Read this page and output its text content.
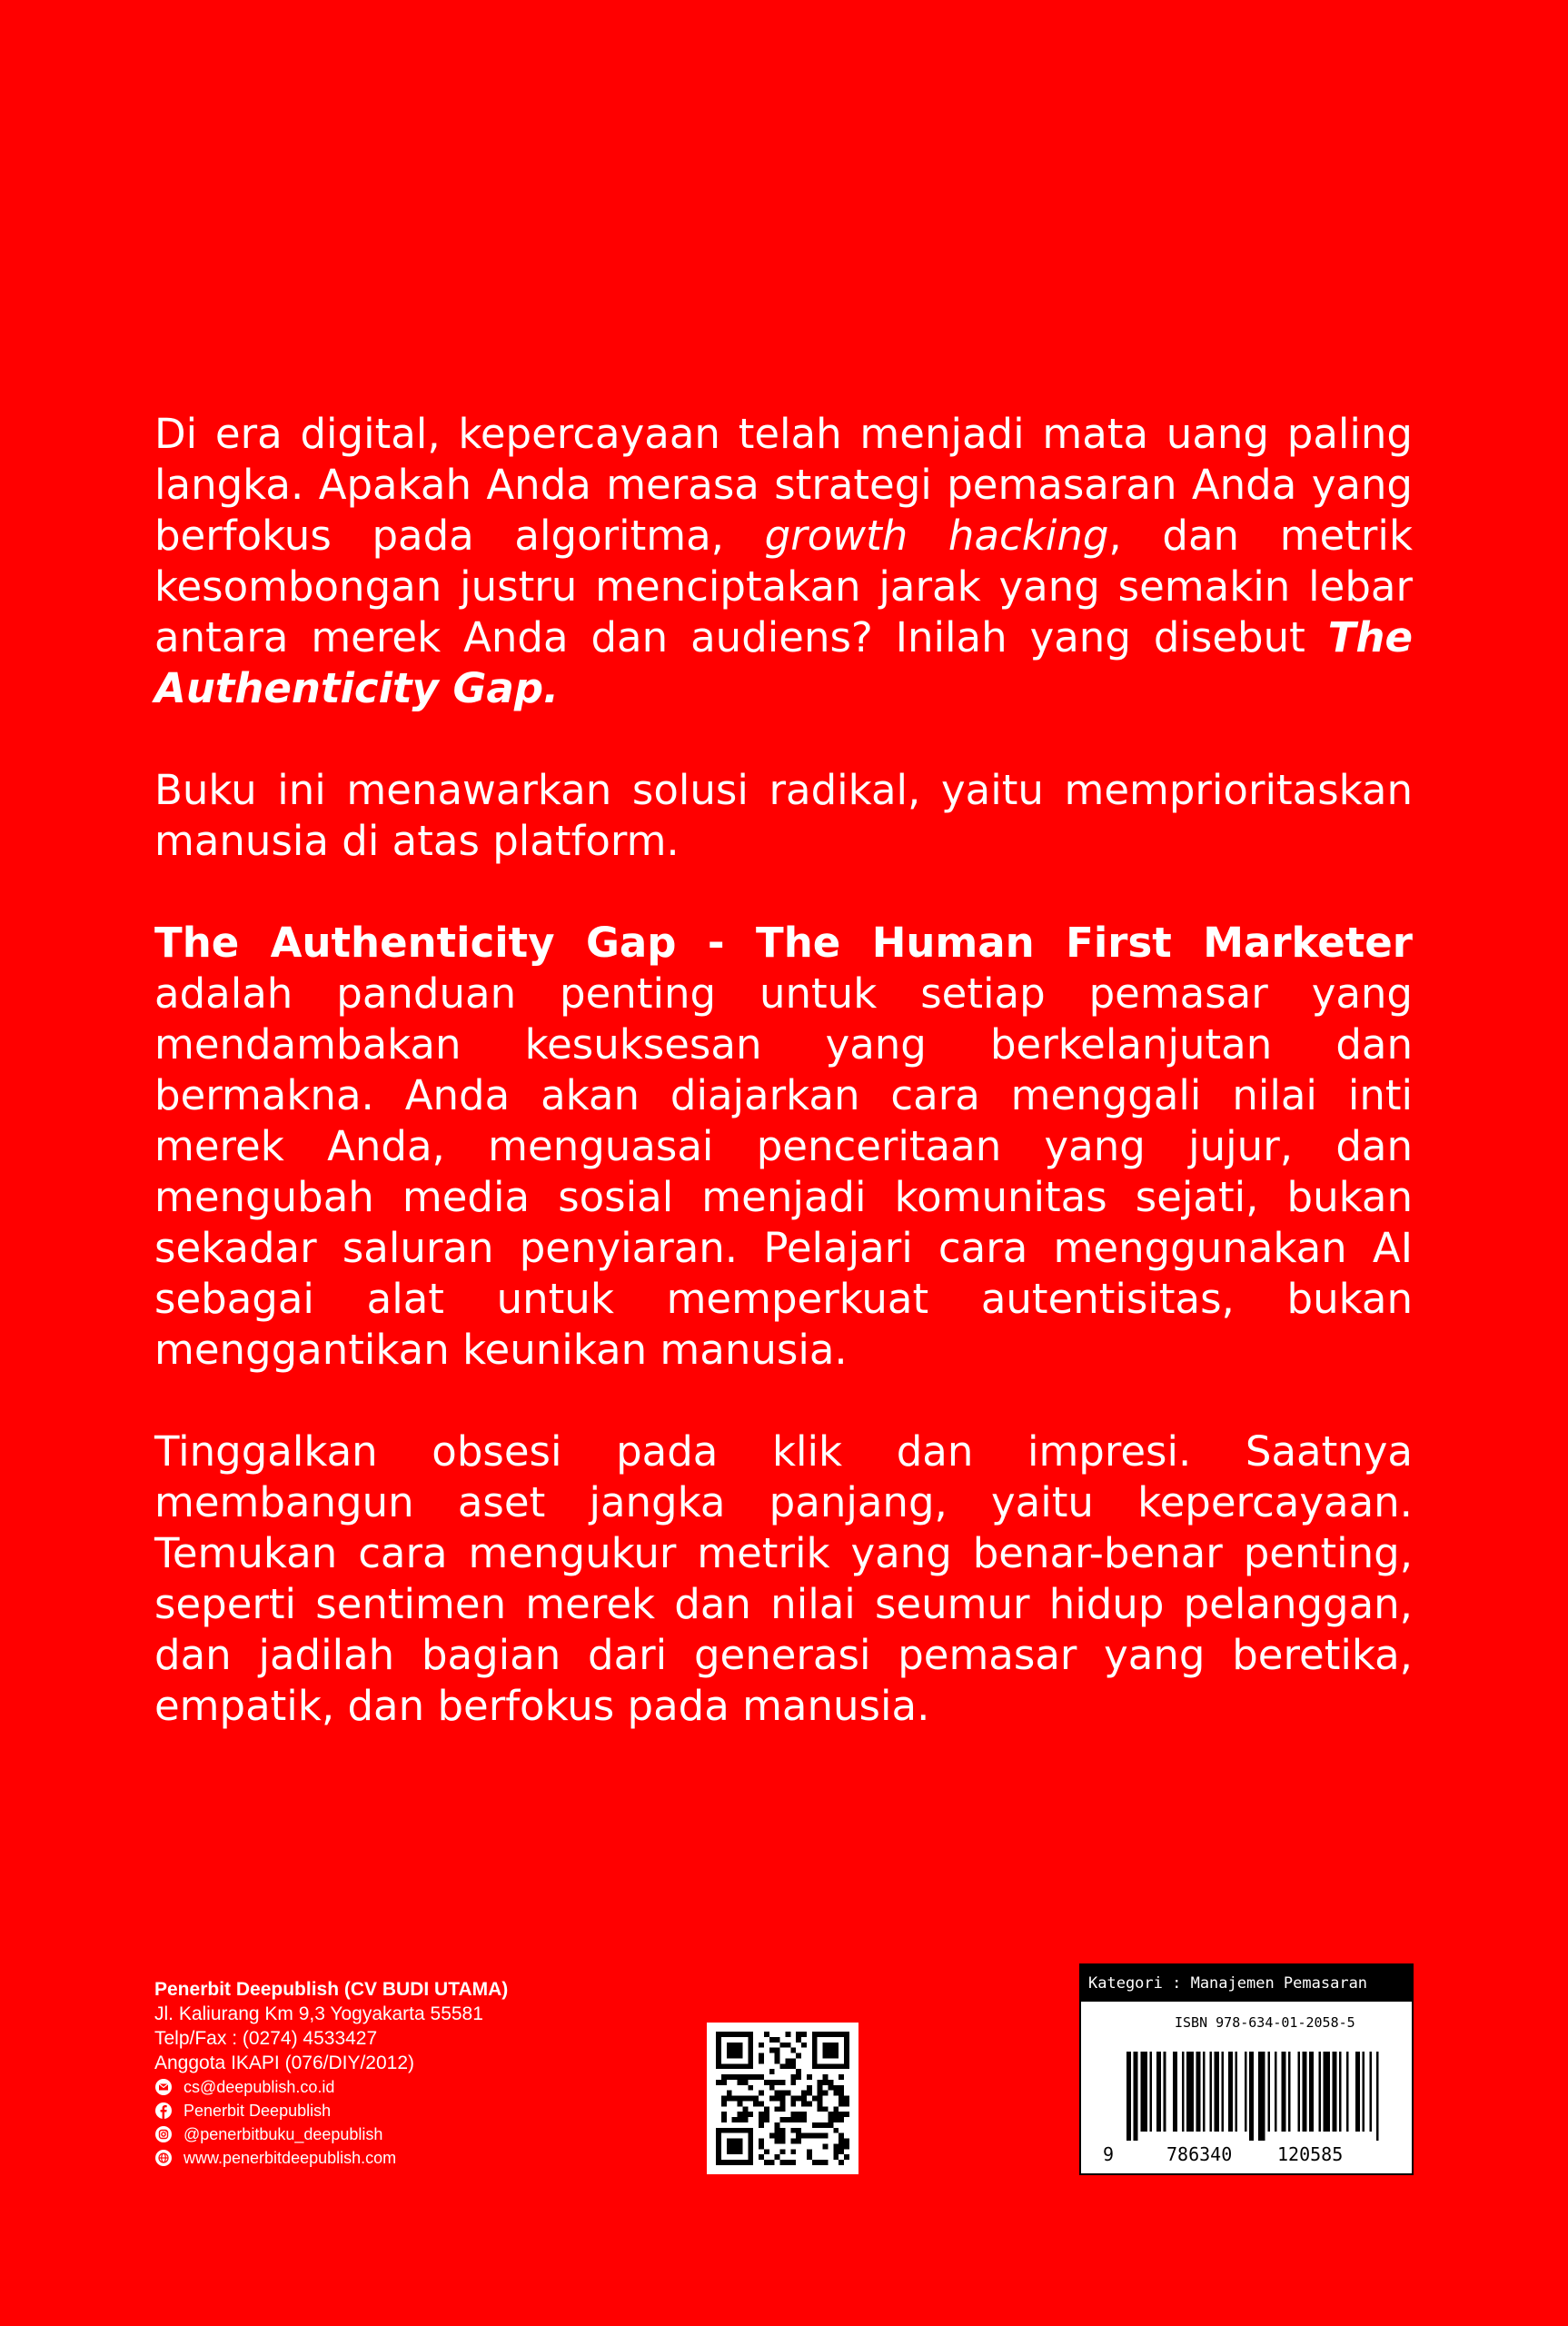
Di era digital, kepercayaan telah menjadi mata uang paling langka. Apakah Anda merasa strategi pemasaran Anda yang berfokus pada algoritma, growth hacking, dan metrik kesombongan justru menciptakan jarak yang semakin lebar antara merek Anda dan audiens? Inilah yang disebut The Authenticity Gap.

Buku ini menawarkan solusi radikal, yaitu memprioritaskan manusia di atas platform.

The Authenticity Gap - The Human First Marketer adalah panduan penting untuk setiap pemasar yang mendambakan kesuksesan yang berkelanjutan dan bermakna. Anda akan diajarkan cara menggali nilai inti merek Anda, menguasai penceritaan yang jujur, dan mengubah media sosial menjadi komunitas sejati, bukan sekadar saluran penyiaran. Pelajari cara menggunakan AI sebagai alat untuk memperkuat autentisitas, bukan menggantikan keunikan manusia.

Tinggalkan obsesi pada klik dan impresi. Saatnya membangun aset jangka panjang, yaitu kepercayaan. Temukan cara mengukur metrik yang benar-benar penting, seperti sentimen merek dan nilai seumur hidup pelanggan, dan jadilah bagian dari generasi pemasar yang beretika, empatik, dan berfokus pada manusia.

Penerbit Deepublish (CV BUDI UTAMA)
Jl. Kaliurang Km 9,3 Yogyakarta 55581
Telp/Fax : (0274) 4533427
Anggota IKAPI (076/DIY/2012)
cs@deepublish.co.id
Penerbit Deepublish
@penerbitbuku_deepublish
www.penerbitdeepublish.com
Kategori : Manajemen Pemasaran
ISBN 978-634-01-2058-5
9	786340 120585
